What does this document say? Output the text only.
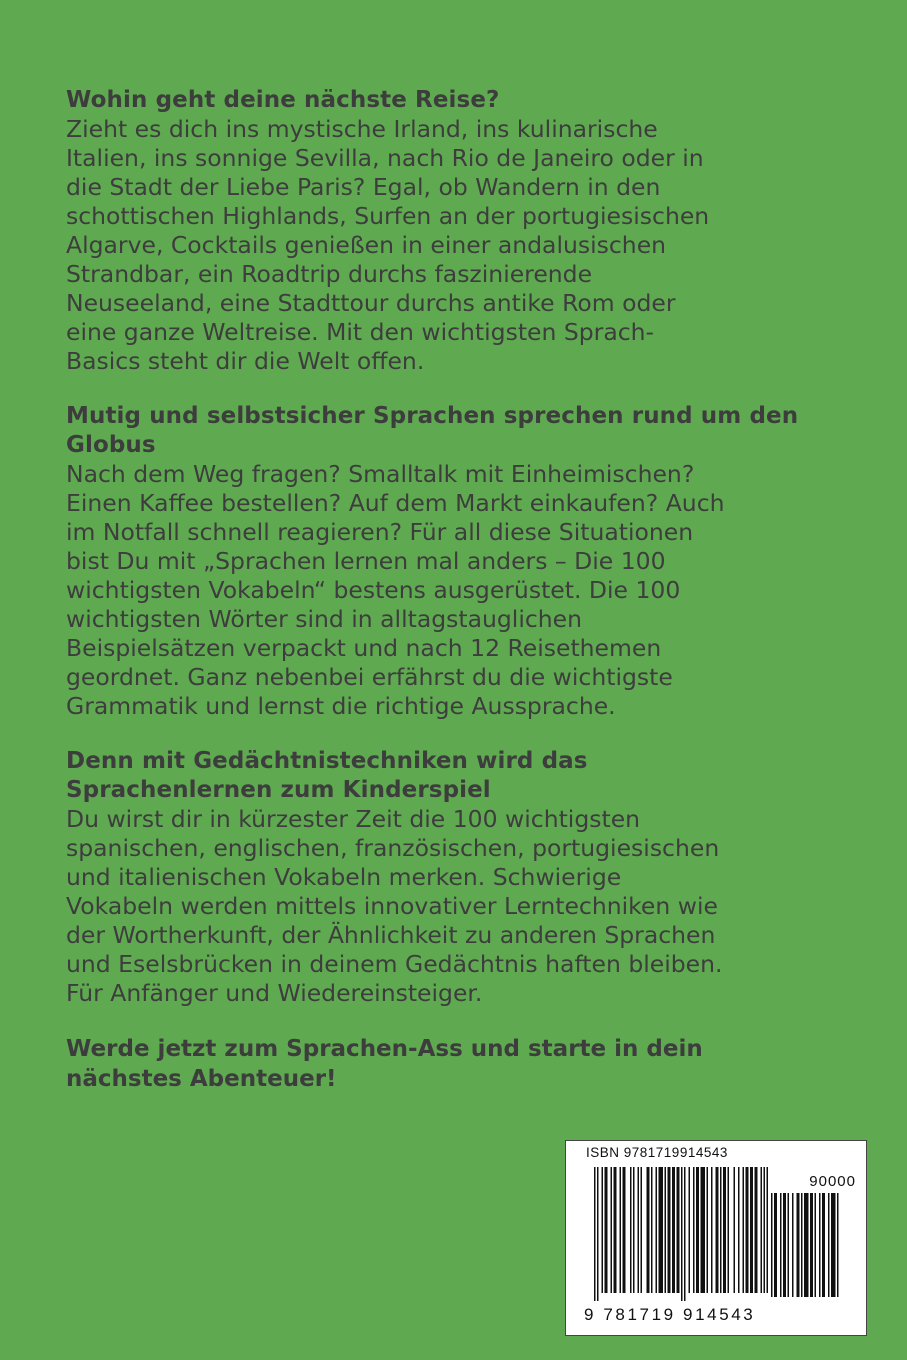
Wohin geht deine nächste Reise?

Zieht es dich ins mystische Irland, ins kulinarische
Italien, ins sonnige Sevilla, nach Rio de Janeiro oder in
die Stadt der Liebe Paris? Egal, ob Wandern in den
schottischen Highlands, Surfen an der portugiesischen
Algarve, Cocktails genießen in einer andalusischen
Strandbar, ein Roadtrip durchs faszinierende
Neuseeland, eine Stadttour durchs antike Rom oder
eine ganze Weltreise. Mit den wichtigsten Sprach-
Basics steht dir die Welt offen.

Mutig und selbstsicher Sprachen sprechen rund um den
Globus

Nach dem Weg fragen? Smalltalk mit Einheimischen?
Einen Kaffee bestellen? Auf dem Markt einkaufen? Auch
im Notfall schnell reagieren? Für all diese Situationen
bist Du mit „Sprachen lernen mal anders – Die 100
wichtigsten Vokabeln“ bestens ausgerüstet. Die 100
wichtigsten Wörter sind in alltagstauglichen
Beispielsätzen verpackt und nach 12 Reisethemen
geordnet. Ganz nebenbei erfährst du die wichtigste
Grammatik und lernst die richtige Aussprache.

Denn mit Gedächtnistechniken wird das
Sprachenlernen zum Kinderspiel

Du wirst dir in kürzester Zeit die 100 wichtigsten
spanischen, englischen, französischen, portugiesischen
und italienischen Vokabeln merken. Schwierige
Vokabeln werden mittels innovativer Lerntechniken wie
der Wortherkunft, der Ähnlichkeit zu anderen Sprachen
und Eselsbrücken in deinem Gedächtnis haften bleiben.
Für Anfänger und Wiedereinsteiger.

Werde jetzt zum Sprachen-Ass und starte in dein
nächstes Abenteuer!

ISBN 9781719914543
90000
9 781719 914543
